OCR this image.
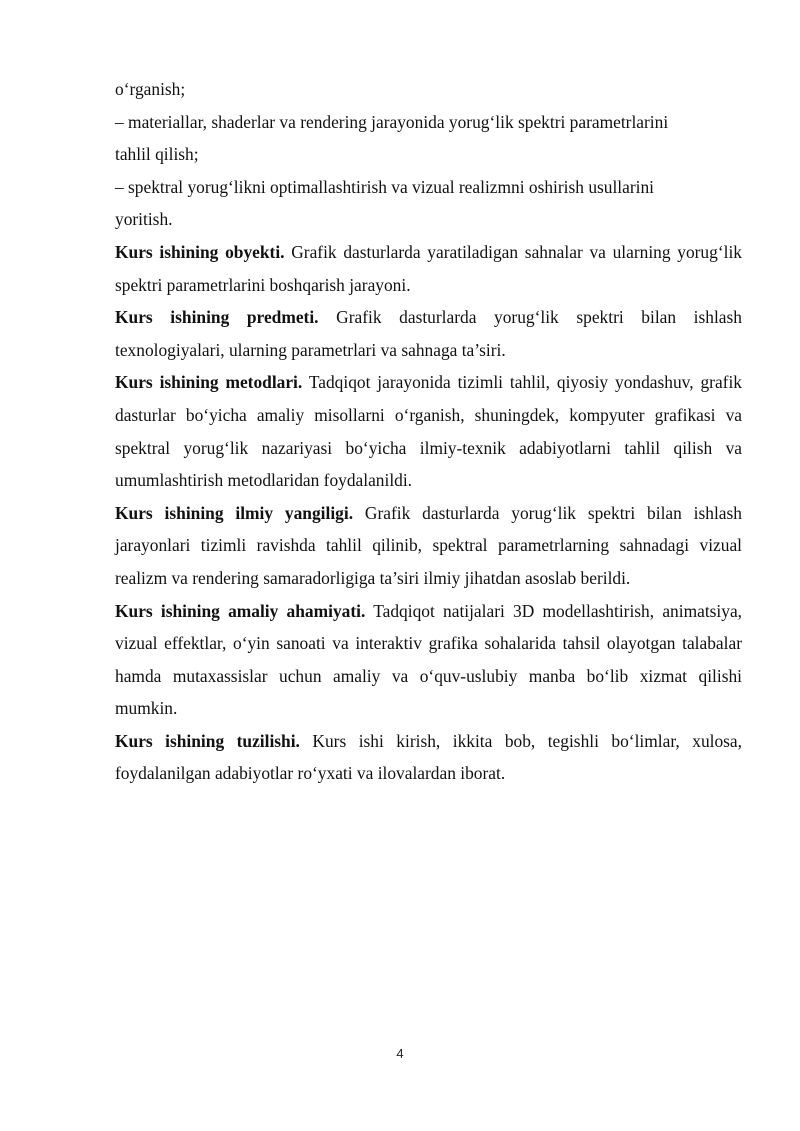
o‘rganish;

– materiallar, shaderlar va rendering jarayonida yorug‘lik spektri parametrlarini

tahlil qilish;

– spektral yorug‘likni optimallashtirish va vizual realizmni oshirish usullarini

yoritish.

Kurs ishining obyekti. Grafik dasturlarda yaratiladigan sahnalar va ularning yorug‘lik spektri parametrlarini boshqarish jarayoni.

Kurs ishining predmeti. Grafik dasturlarda yorug‘lik spektri bilan ishlash texnologiyalari, ularning parametrlari va sahnaga ta’siri.

Kurs ishining metodlari. Tadqiqot jarayonida tizimli tahlil, qiyosiy yondashuv, grafik dasturlar bo‘yicha amaliy misollarni o‘rganish, shuningdek, kompyuter grafikasi va spektral yorug‘lik nazariyasi bo‘yicha ilmiy-texnik adabiyotlarni tahlil qilish va umumlashtirish metodlaridan foydalanildi.

Kurs ishining ilmiy yangiligi. Grafik dasturlarda yorug‘lik spektri bilan ishlash jarayonlari tizimli ravishda tahlil qilinib, spektral parametrlarning sahnadagi vizual realizm va rendering samaradorligiga ta’siri ilmiy jihatdan asoslab berildi.

Kurs ishining amaliy ahamiyati. Tadqiqot natijalari 3D modellashtirish, animatsiya, vizual effektlar, o‘yin sanoati va interaktiv grafika sohalarida tahsil olayotgan talabalar hamda mutaxassislar uchun amaliy va o‘quv-uslubiy manba bo‘lib xizmat qilishi mumkin.

Kurs ishining tuzilishi. Kurs ishi kirish, ikkita bob, tegishli bo‘limlar, xulosa, foydalanilgan adabiyotlar ro‘yxati va ilovalardan iborat.

4
